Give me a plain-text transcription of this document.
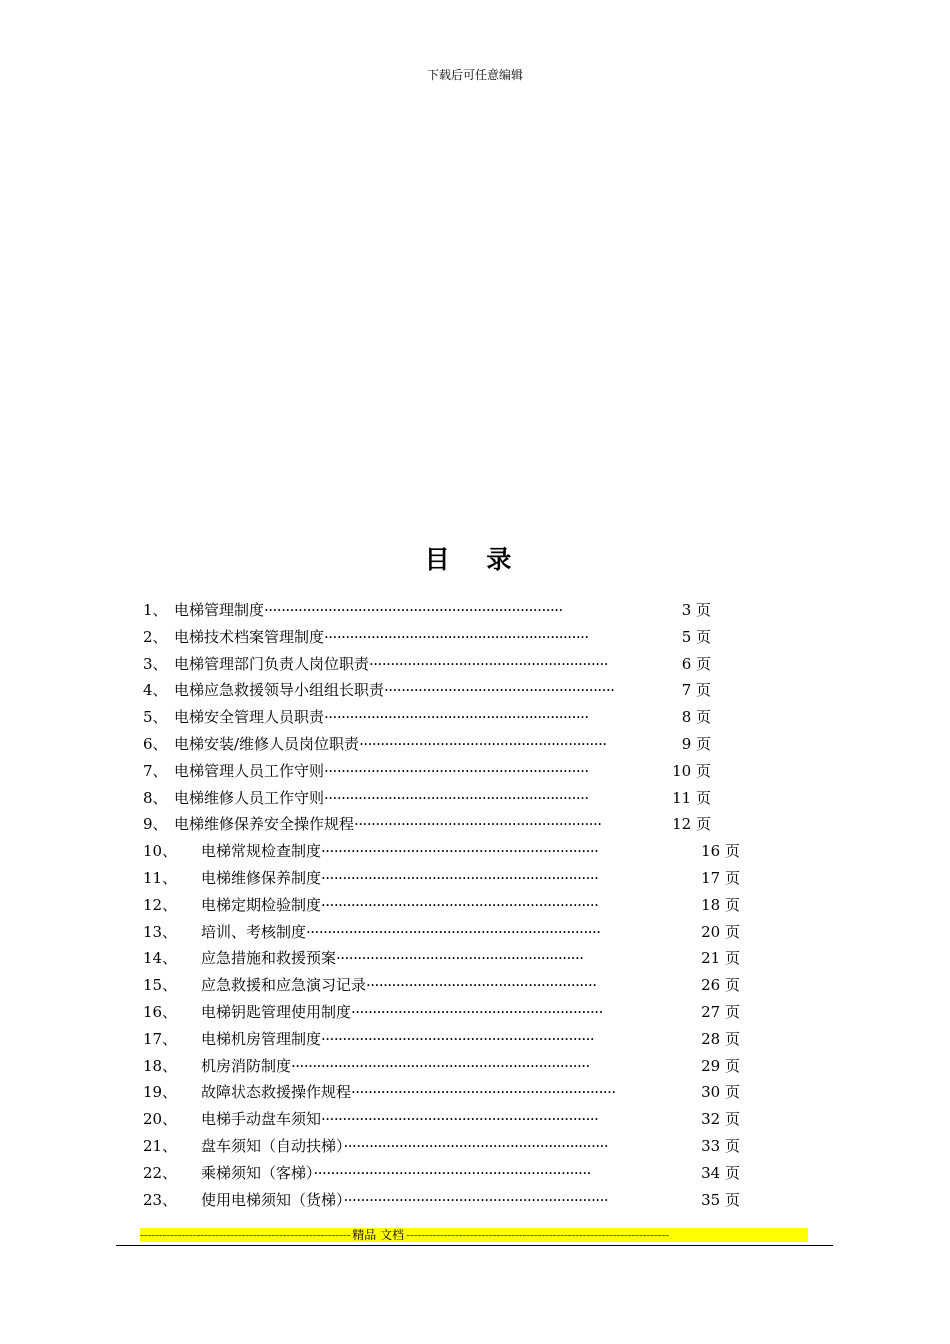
下载后可任意编辑
目 录
1、 电梯管理制度······································································	3 页
2、 电梯技术档案管理制度······························································	5 页
3、 电梯管理部门负责人岗位职责························································	6 页
4、 电梯应急救援领导小组组长职责······················································	7 页
5、 电梯安全管理人员职责······························································	8 页
6、 电梯安装/维修人员岗位职责··························································	9 页
7、 电梯管理人员工作守则······························································	10 页
8、 电梯维修人员工作守则······························································	11 页
9、 电梯维修保养安全操作规程··························································	12 页
10、 电梯常规检查制度·································································	16 页
11、 电梯维修保养制度·································································	17 页
12、 电梯定期检验制度·································································	18 页
13、 培训、考核制度·····································································	20 页
14、 应急措施和救援预案··························································	21 页
15、 应急救援和应急演习记录······················································	26 页
16、 电梯钥匙管理使用制度···························································	27 页
17、 电梯机房管理制度································································	28 页
18、 机房消防制度······································································	29 页
19、 故障状态救援操作规程······························································	30 页
20、 电梯手动盘车须知·································································	32 页
21、 盘车须知（自动扶梯）······························································	33 页
22、 乘梯须知（客梯）·································································	34 页
23、 使用电梯须知（货梯）······························································	35 页
-------------------------------------------------------- 精品 文档 ----------------------------------------------------------------------
